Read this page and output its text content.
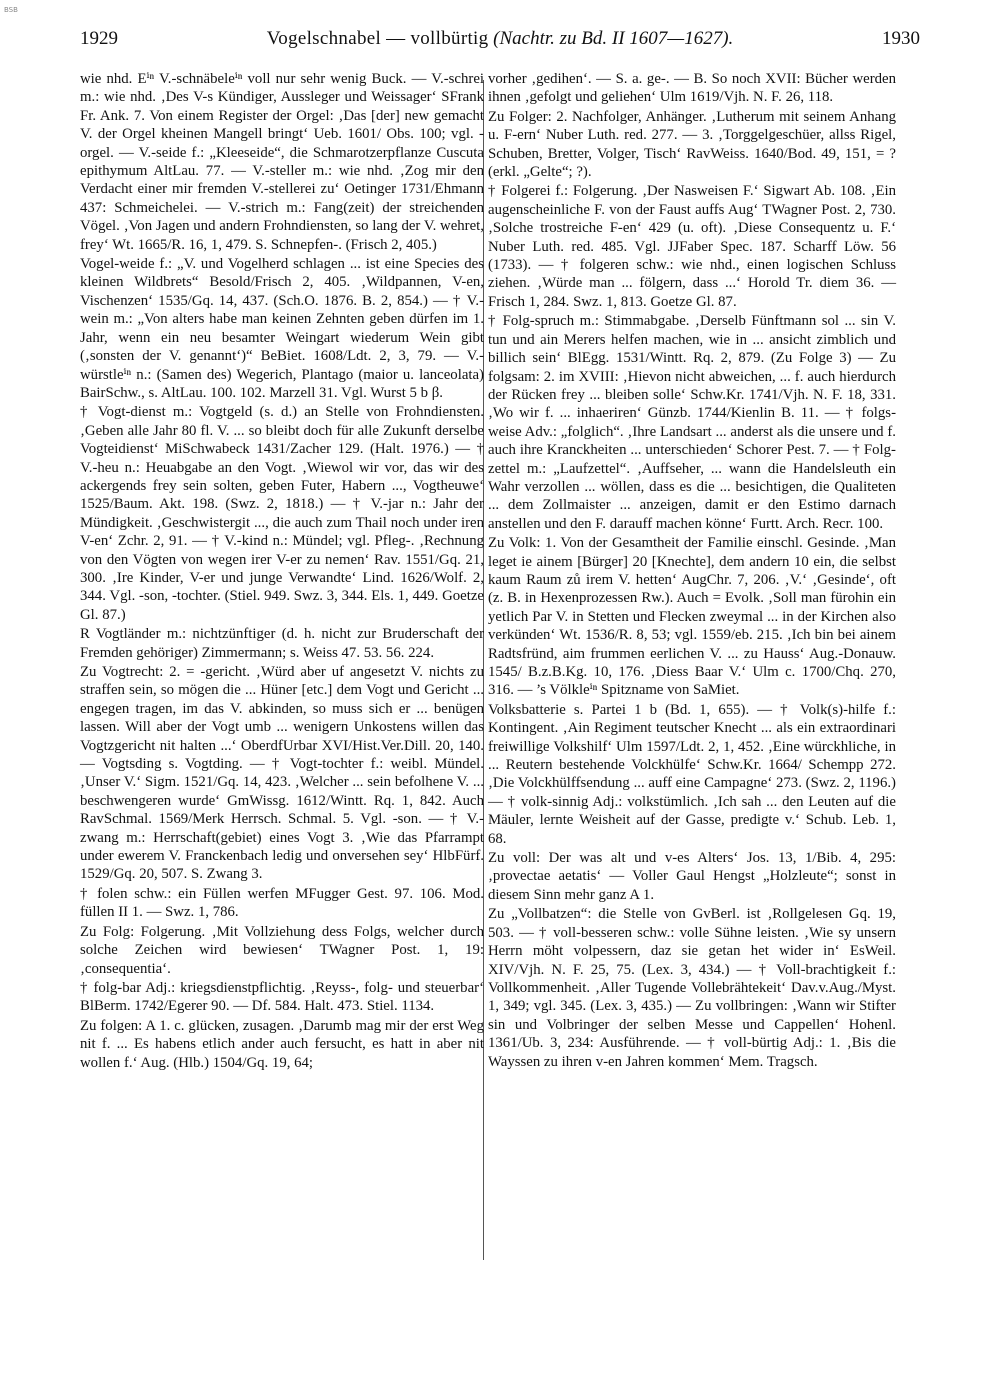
BSB
1929	Vogelschnabel — vollbürtig (Nachtr. zu Bd. II 1607—1627).	1930

wie nhd. Eⁱⁿ V.-schnäbeleⁱⁿ voll nur sehr wenig Buck. — V.-schrei m.: wie nhd. ‚Des V-s Kündiger, Aussleger und Weissager‘ SFrank Fr. Ank. 7. Von einem Register der Orgel: ‚Das [der] new gemacht V. der Orgel kheinen Mangell bringt‘ Ueb. 1601/ Obs. 100; vgl. -orgel. — V.-seide f.: „Kleeseide“, die Schmarotzerpflanze Cuscuta epithymum AltLau. 77. — V.-steller m.: wie nhd. ‚Zog mir den Verdacht einer mir fremden V.-stellerei zu‘ Oetinger 1731/Ehmann 437: Schmeichelei. — V.-strich m.: Fang(zeit) der streichenden Vögel. ‚Von Jagen und andern Frohndiensten, so lang der V. wehret, frey‘ Wt. 1665/R. 16, 1, 479. S. Schnepfen-. (Frisch 2, 405.)

Vogel-weide f.: „V. und Vogelherd schlagen ... ist eine Species des kleinen Wildbrets“ Besold/Frisch 2, 405. ‚Wildpannen, V-en, Vischenzen‘ 1535/Gq. 14, 437. (Sch.O. 1876. B. 2, 854.) — † V.-wein m.: „Von alters habe man keinen Zehnten geben dürfen im 1. Jahr, wenn ein neu besamter Weingart wiederum Wein gibt (‚sonsten der V. genannt‘)“ BeBiet. 1608/Ldt. 2, 3, 79. — V.-würstleⁱⁿ n.: (Samen des) Wegerich, Plantago (maior u. lanceolata) BairSchw., s. AltLau. 100. 102. Marzell 31. Vgl. Wurst 5 b β.

† Vogt-dienst m.: Vogtgeld (s. d.) an Stelle von Frohndiensten. ‚Geben alle Jahr 80 fl. V. ... so bleibt doch für alle Zukunft derselbe Vogteidienst‘ MiSchwabeck 1431/Zacher 129. (Halt. 1976.) — † V.-heu n.: Heuabgabe an den Vogt. ‚Wiewol wir vor, das wir des ackergends frey sein solten, geben Futer, Habern ..., Vogtheuwe‘ 1525/Baum. Akt. 198. (Swz. 2, 1818.) — † V.-jar n.: Jahr der Mündigkeit. ‚Geschwistergit ..., die auch zum Thail noch under iren V-en‘ Zchr. 2, 91. — † V.-kind n.: Mündel; vgl. Pfleg-. ‚Rechnung von den Vögten von wegen irer V-er zu nemen‘ Rav. 1551/Gq. 21, 300. ‚Ire Kinder, V-er und junge Verwandte‘ Lind. 1626/Wolf. 2, 344. Vgl. -son, -tochter. (Stiel. 949. Swz. 3, 344. Els. 1, 449. Goetze Gl. 87.)

R Vogtländer m.: nichtzünftiger (d. h. nicht zur Bruderschaft der Fremden gehöriger) Zimmermann; s. Weiss 47. 53. 56. 224.

Zu Vogtrecht: 2. = -gericht. ‚Würd aber uf angesetzt V. nichts zu straffen sein, so mögen die ... Hüner [etc.] dem Vogt und Gericht ... engegen tragen, im das V. abkinden, so muss sich er ... benügen lassen. Will aber der Vogt umb ... wenigern Unkostens willen das Vogtzgericht nit halten ...‘ OberdfUrbar XVI/Hist.Ver.Dill. 20, 140. — Vogtsding s. Vogtding. — † Vogt-tochter f.: weibl. Mündel. ‚Unser V.‘ Sigm. 1521/Gq. 14, 423. ‚Welcher ... sein befolhene V. ... beschwengeren wurde‘ GmWissg. 1612/Wintt. Rq. 1, 842. Auch RavSchmal. 1569/Merk Herrsch. Schmal. 5. Vgl. -son. — † V.-zwang m.: Herrschaft(gebiet) eines Vogt 3. ‚Wie das Pfarrampt under ewerem V. Franckenbach ledig und onversehen sey‘ HlbFürf. 1529/Gq. 20, 507. S. Zwang 3.

† folen schw.: ein Füllen werfen MFugger Gest. 97. 106. Mod. füllen II 1. — Swz. 1, 786.

Zu Folg: Folgerung. ‚Mit Vollziehung dess Folgs, welcher durch solche Zeichen wird bewiesen‘ TWagner Post. 1, 19: ‚consequentia‘.

† folg-bar Adj.: kriegsdienstpflichtig. ‚Reyss-, folg- und steuerbar‘ BlBerm. 1742/Egerer 90. — Df. 584. Halt. 473. Stiel. 1134.

Zu folgen: A 1. c. glücken, zusagen. ‚Darumb mag mir der erst Weg nit f. ... Es habens etlich ander auch fersucht, es hatt in aber nit wollen f.‘ Aug. (Hlb.) 1504/Gq. 19, 64;

vorher ‚gedihen‘. — S. a. ge-. — B. So noch XVII: Bücher werden ihnen ‚gefolgt und geliehen‘ Ulm 1619/Vjh. N. F. 26, 118.

Zu Folger: 2. Nachfolger, Anhänger. ‚Lutherum mit seinem Anhang u. F-ern‘ Nuber Luth. red. 277. — 3. ‚Torggelgeschüer, allss Rigel, Schuben, Bretter, Volger, Tisch‘ RavWeiss. 1640/Bod. 49, 151, = ? (erkl. „Gelte“; ?).

† Folgerei f.: Folgerung. ‚Der Nasweisen F.‘ Sigwart Ab. 108. ‚Ein augenscheinliche F. von der Faust auffs Aug‘ TWagner Post. 2, 730. ‚Solche trostreiche F-en‘ 429 (u. oft). ‚Diese Consequentz u. F.‘ Nuber Luth. red. 485. Vgl. JJFaber Spec. 187. Scharff Löw. 56 (1733). — † folgeren schw.: wie nhd., einen logischen Schluss ziehen. ‚Würde man ... fölgern, dass ...‘ Horold Tr. diem 36. — Frisch 1, 284. Swz. 1, 813. Goetze Gl. 87.

† Folg-spruch m.: Stimmabgabe. ‚Derselb Fünftmann sol ... sin V. tun und ain Merers helfen machen, wie in ... ansicht zimblich und billich sein‘ BlEgg. 1531/Wintt. Rq. 2, 879. (Zu Folge 3) — Zu folgsam: 2. im XVIII: ‚Hievon nicht abweichen, ... f. auch hierdurch der Rücken frey ... bleiben solle‘ Schw.Kr. 1741/Vjh. N. F. 18, 331. ‚Wo wir f. ... inhaeriren‘ Günzb. 1744/Kienlin B. 11. — † folgs-weise Adv.: „folglich“. ‚Ihre Landsart ... anderst als die unsere und f. auch ihre Kranckheiten ... unterschieden‘ Schorer Pest. 7. — † Folg-zettel m.: „Laufzettel“. ‚Auffseher, ... wann die Handelsleuth ein Wahr verzollen ... wöllen, dass es die ... besichtigen, die Qualiteten ... dem Zollmaister ... anzeigen, damit er den Estimo darnach anstellen und den F. darauff machen könne‘ Furtt. Arch. Recr. 100.

Zu Volk: 1. Von der Gesamtheit der Familie einschl. Gesinde. ‚Man leget ie ainem [Bürger] 20 [Knechte], dem andern 10 ein, die selbst kaum Raum zů irem V. hetten‘ AugChr. 7, 206. ‚V.‘ ‚Gesinde‘, oft (z. B. in Hexenprozessen Rw.). Auch = Evolk. ‚Soll man fürohin ein yetlich Par V. in Stetten und Flecken zweymal ... in der Kirchen also verkünden‘ Wt. 1536/R. 8, 53; vgl. 1559/eb. 215. ‚Ich bin bei ainem Radtsfründ, aim frummen eerlichen V. ... zu Hauss‘ Aug.-Donauw. 1545/ B.z.B.Kg. 10, 176. ‚Diess Baar V.‘ Ulm c. 1700/Chq. 270, 316. — ’s Völkleⁱⁿ Spitzname von SaMiet.

Volksbatterie s. Partei 1 b (Bd. 1, 655). — † Volk(s)-hilfe f.: Kontingent. ‚Ain Regiment teutscher Knecht ... als ein extraordinari freiwillige Volkshilf‘ Ulm 1597/Ldt. 2, 1, 452. ‚Eine würckhliche, in ... Reutern bestehende Volckhülfe‘ Schw.Kr. 1664/ Schempp 272. ‚Die Volckhülffsendung ... auff eine Campagne‘ 273. (Swz. 2, 1196.) — † volk-sinnig Adj.: volkstümlich. ‚Ich sah ... den Leuten auf die Mäuler, lernte Weisheit auf der Gasse, predigte v.‘ Schub. Leb. 1, 68.

Zu voll: Der was alt und v-es Alters‘ Jos. 13, 1/Bib. 4, 295: ‚provectae aetatis‘ — Voller Gaul Hengst „Holzleute“; sonst in diesem Sinn mehr ganz A 1.

Zu „Vollbatzen“: die Stelle von GvBerl. ist ‚Rollgelesen Gq. 19, 503. — † voll-besseren schw.: volle Sühne leisten. ‚Wie sy unsern Herrn möht volpessern, daz sie getan het wider in‘ EsWeil. XIV/Vjh. N. F. 25, 75. (Lex. 3, 434.) — † Voll-brachtigkeit f.: Vollkommenheit. ‚Aller Tugende Vollebrähtekeit‘ Dav.v.Aug./Myst. 1, 349; vgl. 345. (Lex. 3, 435.) — Zu vollbringen: ‚Wann wir Stifter sin und Volbringer der selben Messe und Cappellen‘ Hohenl. 1361/Ub. 3, 234: Ausführende. — † voll-bürtig Adj.: 1. ‚Bis die Wayssen zu ihren v-en Jahren kommen‘ Mem. Tragsch.
